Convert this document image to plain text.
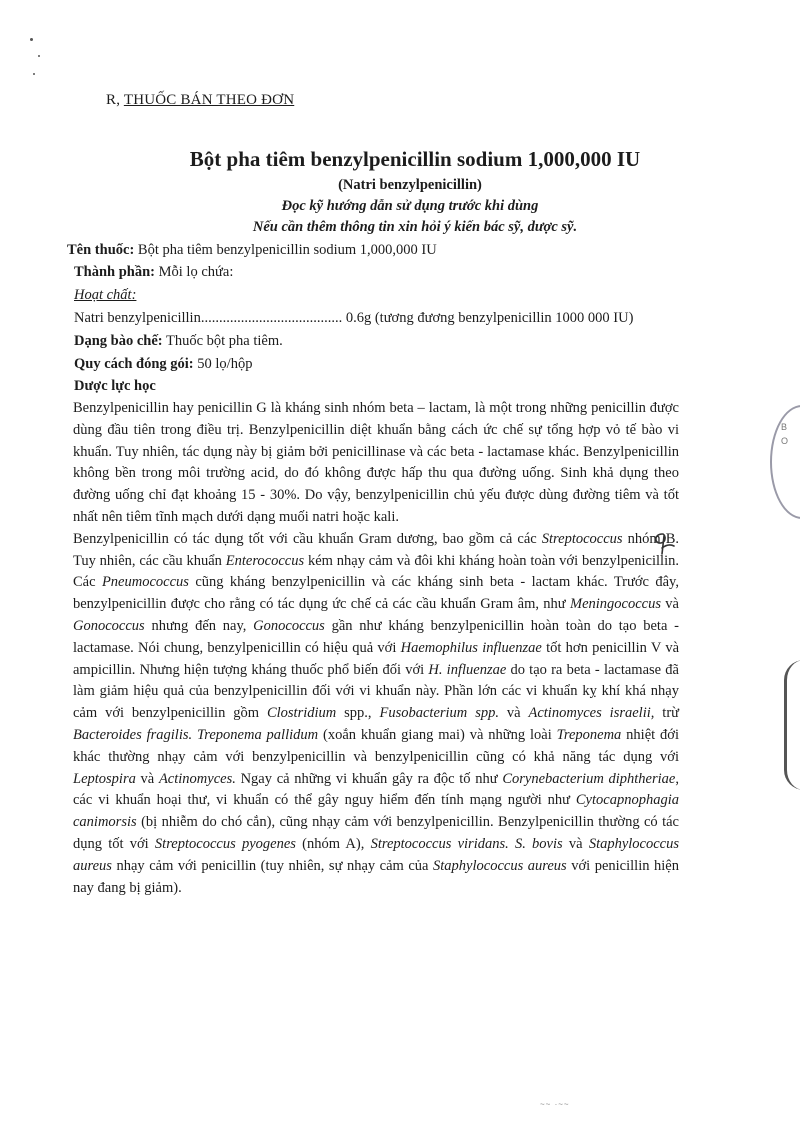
R, THUỐC BÁN THEO ĐƠN
Bột pha tiêm benzylpenicillin sodium 1,000,000 IU
(Natri benzylpenicillin)
Đọc kỹ hướng dẫn sử dụng trước khi dùng
Nếu cần thêm thông tin xin hỏi ý kiến bác sỹ, dược sỹ.
Tên thuốc: Bột pha tiêm benzylpenicillin sodium 1,000,000 IU
Thành phần: Mỗi lọ chứa:
Hoạt chất:
Natri benzylpenicillin....................................... 0.6g (tương đương benzylpenicillin 1000 000 IU)
Dạng bào chế: Thuốc bột pha tiêm.
Quy cách đóng gói: 50 lọ/hộp
Dược lực học

Benzylpenicillin hay penicillin G là kháng sinh nhóm beta – lactam, là một trong những penicillin được dùng đầu tiên trong điều trị. Benzylpenicillin diệt khuẩn bằng cách ức chế sự tổng hợp vỏ tế bào vi khuẩn. Tuy nhiên, tác dụng này bị giảm bởi penicillinase và các beta - lactamase khác. Benzylpenicillin không bền trong môi trường acid, do đó không được hấp thu qua đường uống. Sinh khả dụng theo đường uống chỉ đạt khoảng 15 - 30%. Do vậy, benzylpenicillin chủ yếu được dùng đường tiêm và tốt nhất nên tiêm tĩnh mạch dưới dạng muối natri hoặc kali.

Benzylpenicillin có tác dụng tốt với cầu khuẩn Gram dương, bao gồm cả các Streptococcus nhóm B. Tuy nhiên, các cầu khuẩn Enterococcus kém nhạy cảm và đôi khi kháng hoàn toàn với benzylpenicillin. Các Pneumococcus cũng kháng benzylpenicillin và các kháng sinh beta - lactam khác. Trước đây, benzylpenicillin được cho rằng có tác dụng ức chế cả các cầu khuẩn Gram âm, như Meningococcus và Gonococcus nhưng đến nay, Gonococcus gần như kháng benzylpenicillin hoàn toàn do tạo beta - lactamase. Nói chung, benzylpenicillin có hiệu quả với Haemophilus influenzae tốt hơn penicillin V và ampicillin. Nhưng hiện tượng kháng thuốc phổ biến đối với H. influenzae do tạo ra beta - lactamase đã làm giảm hiệu quả của benzylpenicillin đối với vi khuẩn này. Phần lớn các vi khuẩn kỵ khí khá nhạy cảm với benzylpenicillin gồm Clostridium spp., Fusobacterium spp. và Actinomyces israelii, trừ Bacteroides fragilis. Treponema pallidum (xoắn khuẩn giang mai) và những loài Treponema nhiệt đới khác thường nhạy cảm với benzylpenicillin và benzylpenicillin cũng có khả năng tác dụng với Leptospira và Actinomyces. Ngay cả những vi khuẩn gây ra độc tố như Corynebacterium diphtheriae, các vi khuẩn hoại thư, vi khuẩn có thể gây nguy hiểm đến tính mạng người như Cytocapnophagia canimorsis (bị nhiễm do chó cắn), cũng nhạy cảm với benzylpenicillin. Benzylpenicillin thường có tác dụng tốt với Streptococcus pyogenes (nhóm A), Streptococcus viridans. S. bovis và Staphylococcus aureus nhạy cảm với penicillin (tuy nhiên, sự nhạy cảm của Staphylococcus aureus với penicillin hiện nay đang bị giảm).

B O
~~ ·~~
